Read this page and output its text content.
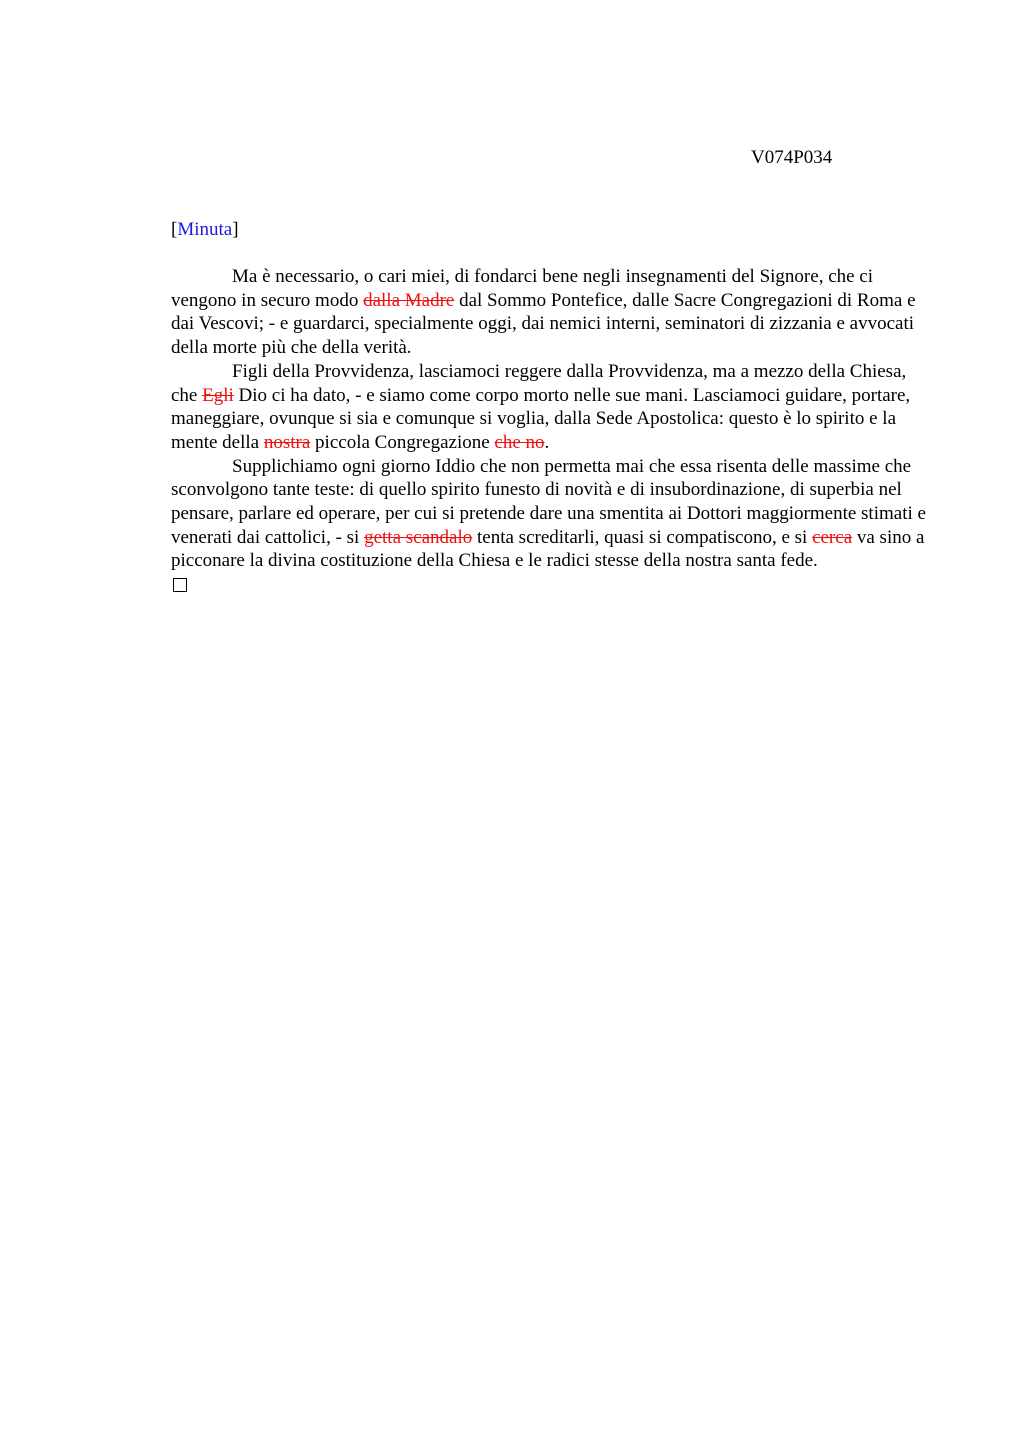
V074P034
[Minuta]

Ma è necessario, o cari miei, di fondarci bene negli insegnamenti del Signore, che ci vengono in securo modo dalla Madre dal Sommo Pontefice, dalle Sacre Congregazioni di Roma e dai Vescovi; - e guardarci, specialmente oggi, dai nemici interni, seminatori di zizzania e avvocati della morte più che della verità.

Figli della Provvidenza, lasciamoci reggere dalla Provvidenza, ma a mezzo della Chiesa, che Egli Dio ci ha dato, - e siamo come corpo morto nelle sue mani. Lasciamoci guidare, portare, maneggiare, ovunque si sia e comunque si voglia, dalla Sede Apostolica: questo è lo spirito e la mente della nostra piccola Congregazione che no.

Supplichiamo ogni giorno Iddio che non permetta mai che essa risenta delle massime che sconvolgono tante teste: di quello spirito funesto di novità e di insubordinazione, di superbia nel pensare, parlare ed operare, per cui si pretende dare una smentita ai Dottori maggiormente stimati e venerati dai cattolici, - si getta scandalo tenta screditarli, quasi si compatiscono, e si cerca va sino a picconare la divina costituzione della Chiesa e le radici stesse della nostra santa fede.
